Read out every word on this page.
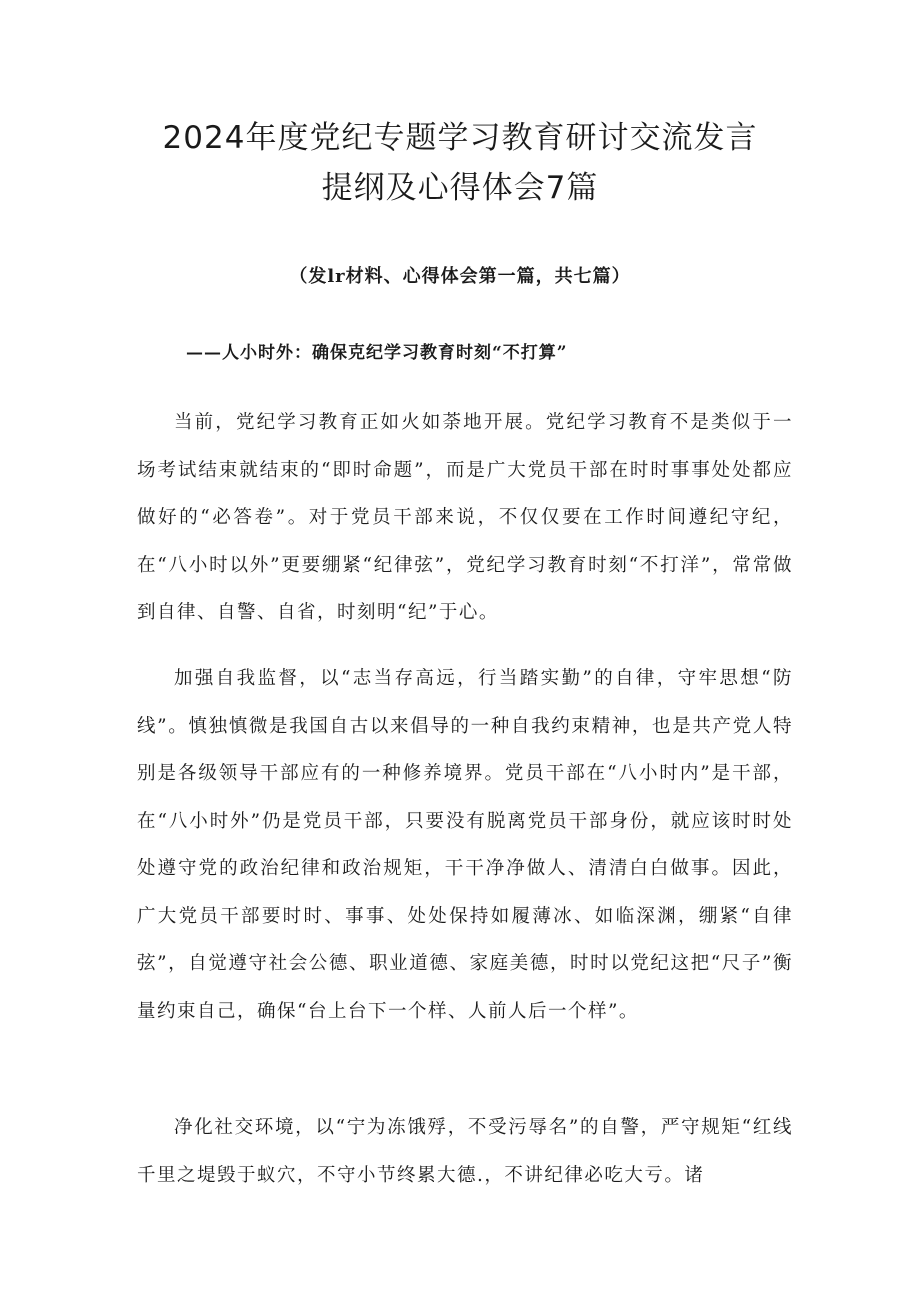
2024年度党纪专题学习教育研讨交流发言
提纲及心得体会7篇
（发lr材料、心得体会第一篇，共七篇）
——人小时外：确保克纪学习教育时刻“不打算”

当前，党纪学习教育正如火如荼地开展。党纪学习教育不是类似于一场考试结束就结束的“即时命题”，而是广大党员干部在时时事事处处都应做好的“必答卷”。对于党员干部来说，不仅仅要在工作时间遵纪守纪，在“八小时以外”更要绷紧“纪律弦”，党纪学习教育时刻“不打洋”，常常做到自律、自警、自省，时刻明“纪”于心。

加强自我监督，以“志当存高远，行当踏实勤”的自律，守牢思想“防线”。慎独慎微是我国自古以来倡导的一种自我约束精神，也是共产党人特别是各级领导干部应有的一种修养境界。党员干部在“八小时内”是干部，在“八小时外”仍是党员干部，只要没有脱离党员干部身份，就应该时时处处遵守党的政治纪律和政治规矩，干干净净做人、清清白白做事。因此，广大党员干部要时时、事事、处处保持如履薄冰、如临深渊，绷紧“自律弦”，自觉遵守社会公德、职业道德、家庭美德，时时以党纪这把“尺子”衡量约束自己，确保“台上台下一个样、人前人后一个样”。

净化社交环境，以“宁为冻饿殍，不受污辱名”的自警，严守规矩“红线千里之堤毁于蚁穴，不守小节终累大德.，不讲纪律必吃大亏。诸
